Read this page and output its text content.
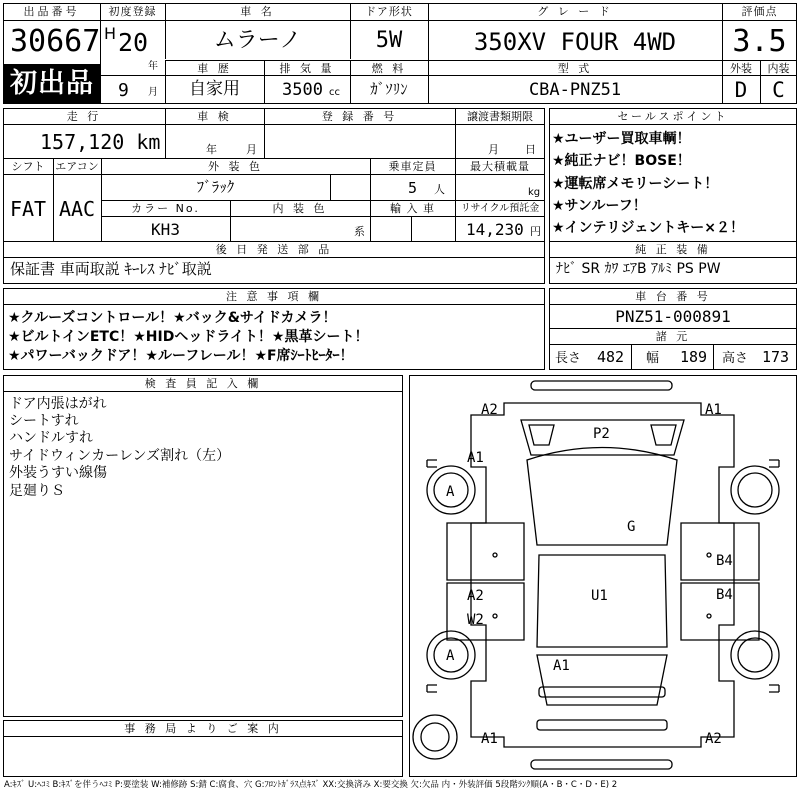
出品番号
30667
初出品
初度登録
H 20
年
9 月
車 名
ムラーノ
ドア形状
5W
グ レ ー ド
350XV FOUR 4WD
評価点
3.5
車 歴
自家用
排 気 量
3500 cc
燃 料
ｶﾞｿﾘﾝ
型 式
CBA-PNZ51
外装	内装
D	C
走 行
157,120 km
車 検
年	月
登 録 番 号	譲渡書類期限
月 日
シフト
FAT
エアコン
AAC
外 装 色
ﾌﾞﾗｯｸ
乗車定員
5 人
最大積載量
kg
カラー No.
KH3
内 装 色
系
輸 入 車	リサイクル預託金
14,230 円
後 日 発 送 部 品
保証書 車両取説 ｷｰﾚｽ ﾅﾋﾞ取説
セールスポイント
★ユーザー買取車輌！
★純正ナビ！BOSE！
★運転席メモリーシート！
★サンルーフ！
★インテリジェントキー×２！
純 正 装 備
ﾅﾋﾞ SR ｶﾜ ｴｱB ｱﾙﾐ PS PW
注 意 事 項 欄
★クルーズコントロール！★バック&サイドカメラ！
★ビルトインETC！★HIDヘッドライト！★黒革シート！
★パワーバックドア！★ルーフレール！★F席ｼｰﾄﾋｰﾀｰ！
車 台 番 号
PNZ51-000891
諸 元
長さ 482 幅 189 高さ 173
検 査 員 記 入 欄
ドア内張はがれ
シートすれ
ハンドルすれ
サイドウィンカーレンズ割れ（左）
外装うすい線傷
足廻りＳ
事 務 局 よ り ご 案 内
A2	A1
P2
A1
A
G
B4
A2
W2
U1	B4
A
A1
A1	A2
A:ｷｽﾞ U:ﾍｺﾐ B:ｷｽﾞを伴うﾍｺﾐ P:要塗装 W:補修跡 S:錆 C:腐食、穴 G:ﾌﾛﾝﾄｶﾞﾗｽ点ｷｽﾞ XX:交換済み X:要交換 欠:欠品 内・外装評価 5段階ﾗﾝｸ順(A・B・C・D・E) 2
